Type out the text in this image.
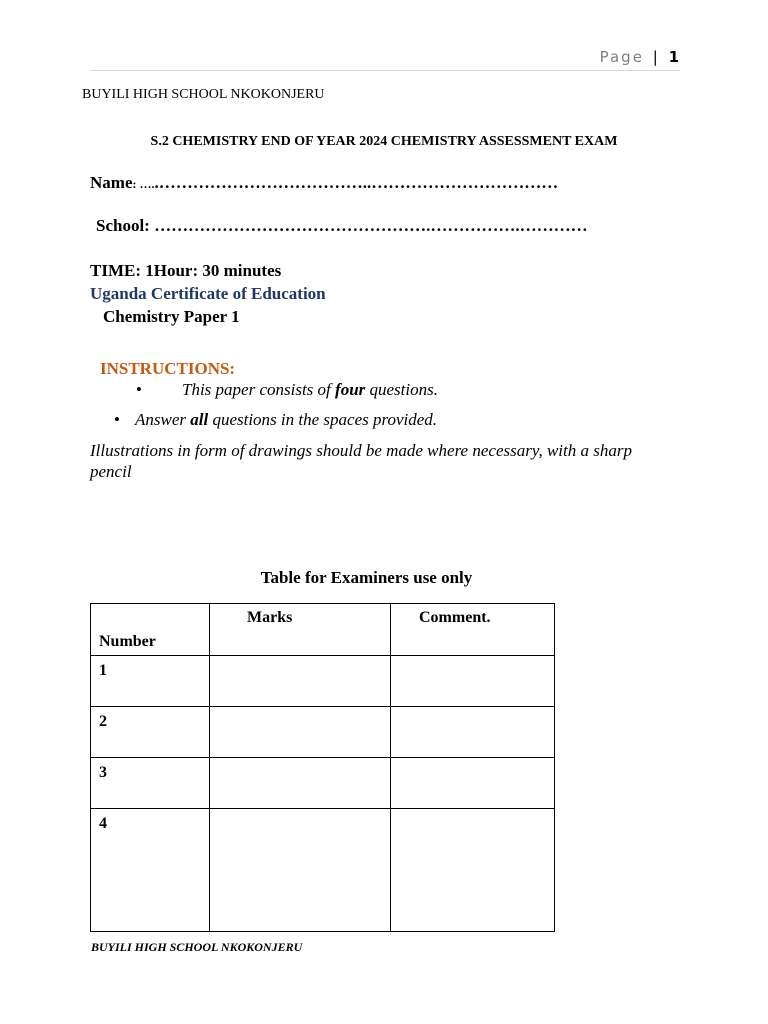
Page | 1
BUYILI HIGH SCHOOL NKOKONJERU
S.2 CHEMISTRY END OF YEAR 2024 CHEMISTRY ASSESSMENT EXAM
Name: …..………………………………..……………………………
School: ………………………………………….…………….…………
TIME: 1Hour: 30 minutes
Uganda Certificate of Education
Chemistry Paper 1
INSTRUCTIONS:
• This paper consists of four questions.
• Answer all questions in the spaces provided.
Illustrations in form of drawings should be made where necessary, with a sharp pencil
Table for Examiners use only
Number	Marks	Comment.

1		

2		

3		

4		

BUYILI HIGH SCHOOL NKOKONJERU
